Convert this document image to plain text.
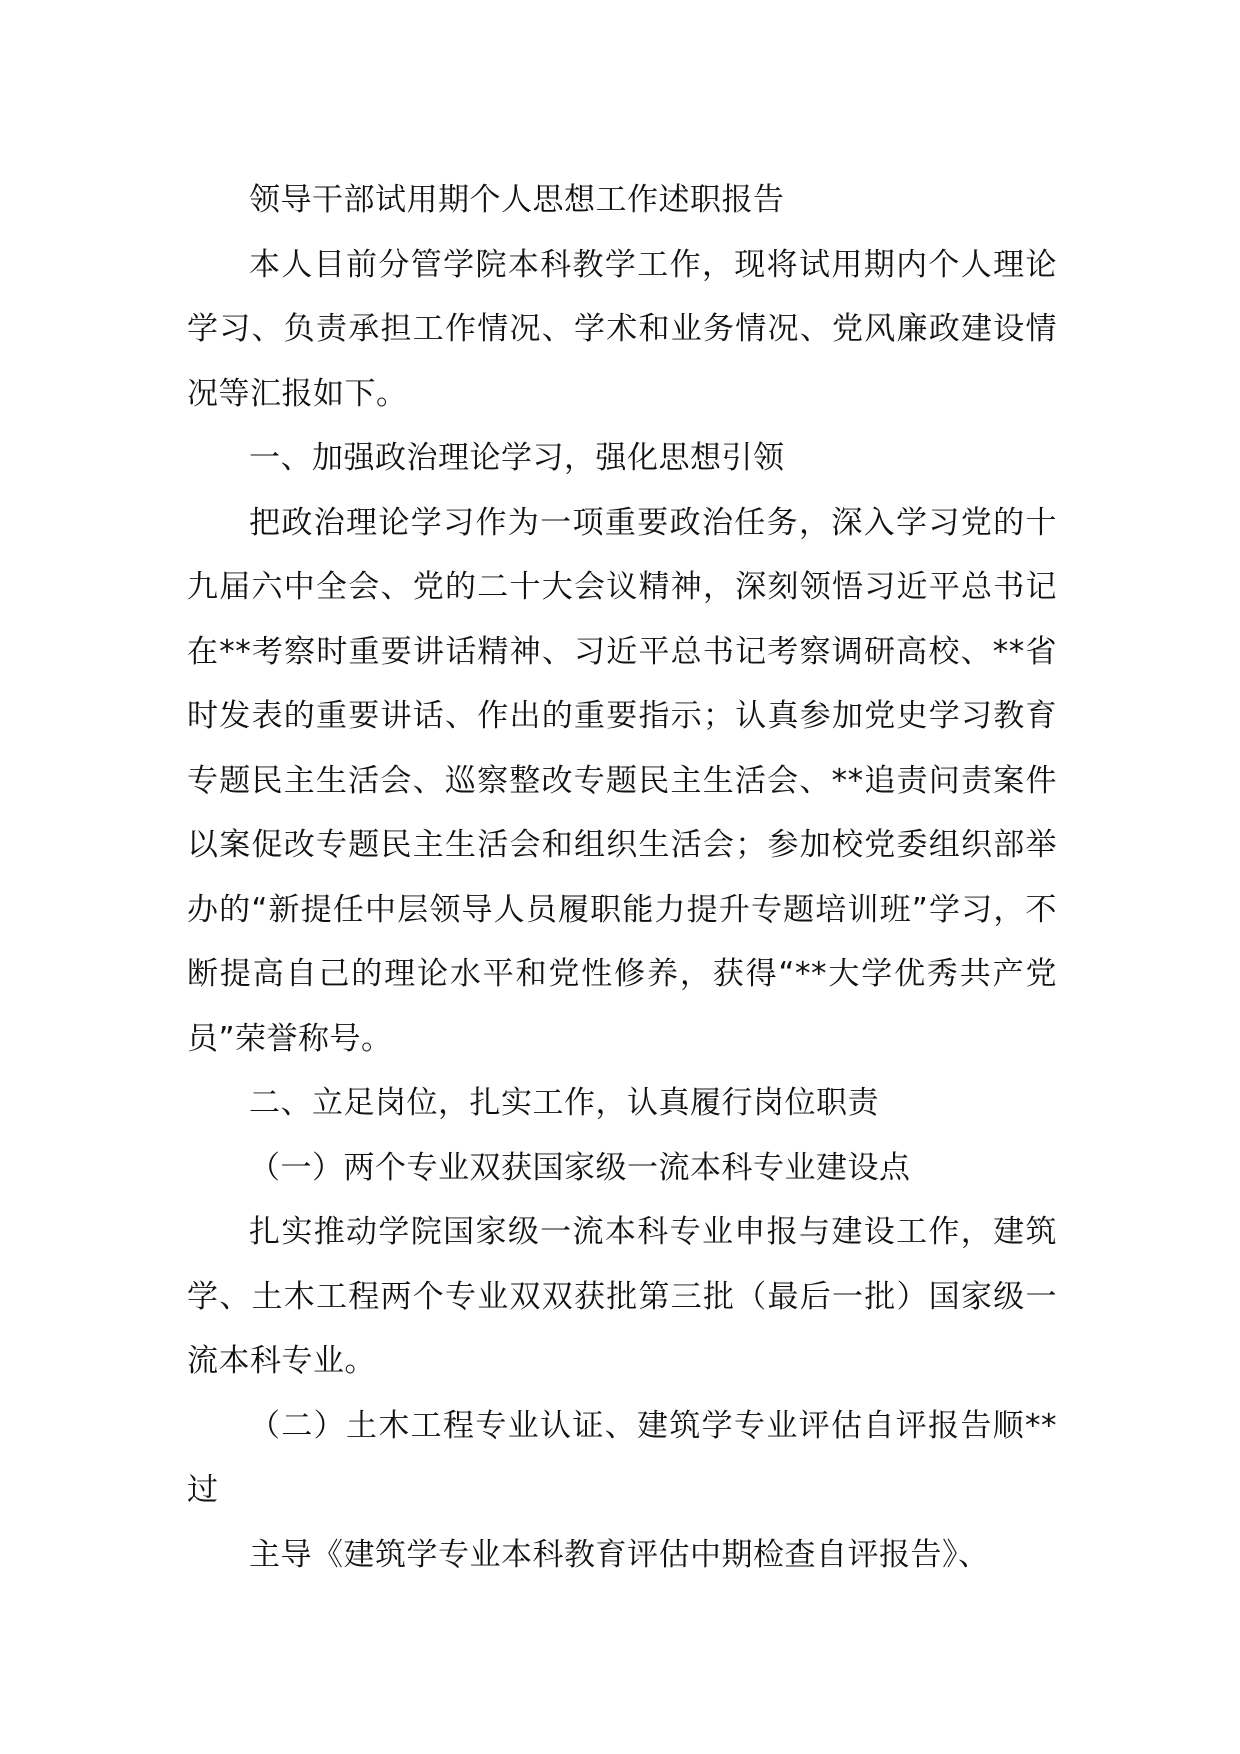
领导干部试用期个人思想工作述职报告

本人目前分管学院本科教学工作，现将试用期内个人理论学习、负责承担工作情况、学术和业务情况、党风廉政建设情况等汇报如下。

一、加强政治理论学习，强化思想引领

把政治理论学习作为一项重要政治任务，深入学习党的十九届六中全会、党的二十大会议精神，深刻领悟习近平总书记在**考察时重要讲话精神、习近平总书记考察调研高校、**省时发表的重要讲话、作出的重要指示；认真参加党史学习教育专题民主生活会、巡察整改专题民主生活会、**追责问责案件以案促改专题民主生活会和组织生活会；参加校党委组织部举办的“新提任中层领导人员履职能力提升专题培训班”学习，不断提高自己的理论水平和党性修养，获得“**大学优秀共产党员”荣誉称号。

二、立足岗位，扎实工作，认真履行岗位职责

（一）两个专业双获国家级一流本科专业建设点

扎实推动学院国家级一流本科专业申报与建设工作，建筑学、土木工程两个专业双双获批第三批（最后一批）国家级一流本科专业。

（二）土木工程专业认证、建筑学专业评估自评报告顺**过

主导《建筑学专业本科教育评估中期检查自评报告》、
